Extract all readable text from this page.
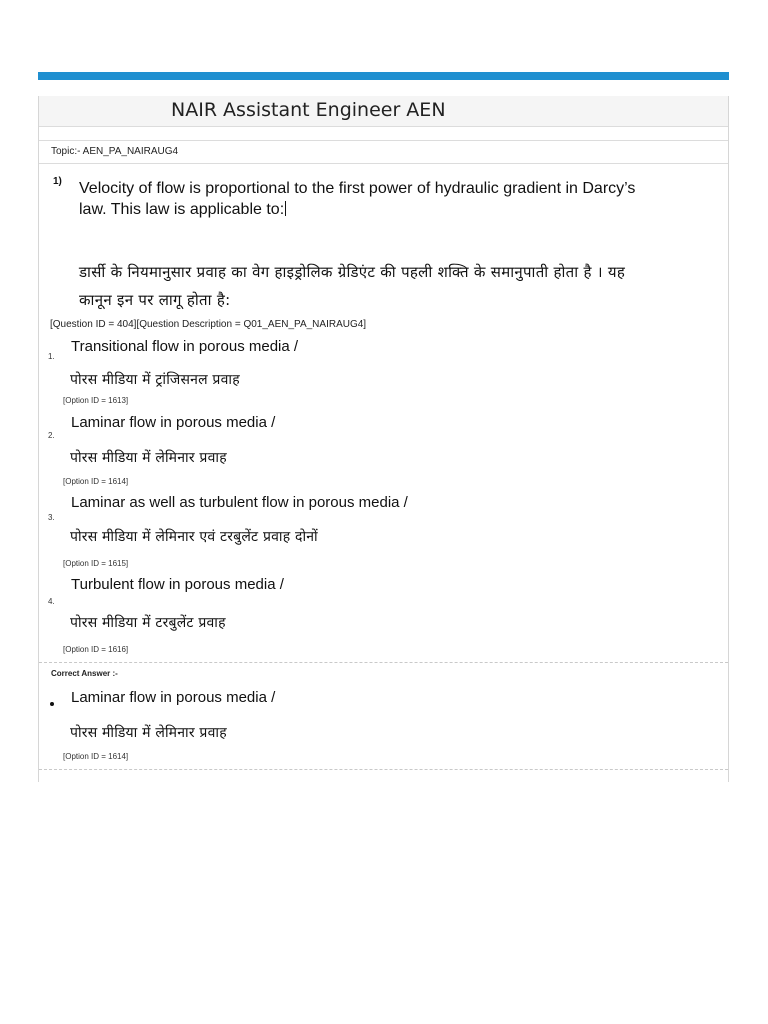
NAIR Assistant Engineer AEN
Topic:- AEN_PA_NAIRAUG4
1) Velocity of flow is proportional to the first power of hydraulic gradient in Darcy’s law. This law is applicable to:
डार्सी के नियमानुसार प्रवाह का वेग हाइड्रोलिक ग्रेडिएंट की पहली शक्ति के समानुपाती होता है । यह कानून इन पर लागू होता है:
[Question ID = 404][Question Description = Q01_AEN_PA_NAIRAUG4]
1.
Transitional flow in porous media /
पोरस मीडिया में ट्रांजिसनल प्रवाह
[Option ID = 1613]
2.
Laminar flow in porous media /
पोरस मीडिया में लेमिनार प्रवाह
[Option ID = 1614]
3.
Laminar as well as turbulent flow in porous media /
पोरस मीडिया में लेमिनार एवं टरबुलेंट प्रवाह दोनों
[Option ID = 1615]
4.
Turbulent flow in porous media /
पोरस मीडिया में टरबुलेंट प्रवाह
[Option ID = 1616]
Correct Answer :-
Laminar flow in porous media /
पोरस मीडिया में लेमिनार प्रवाह
[Option ID = 1614]
